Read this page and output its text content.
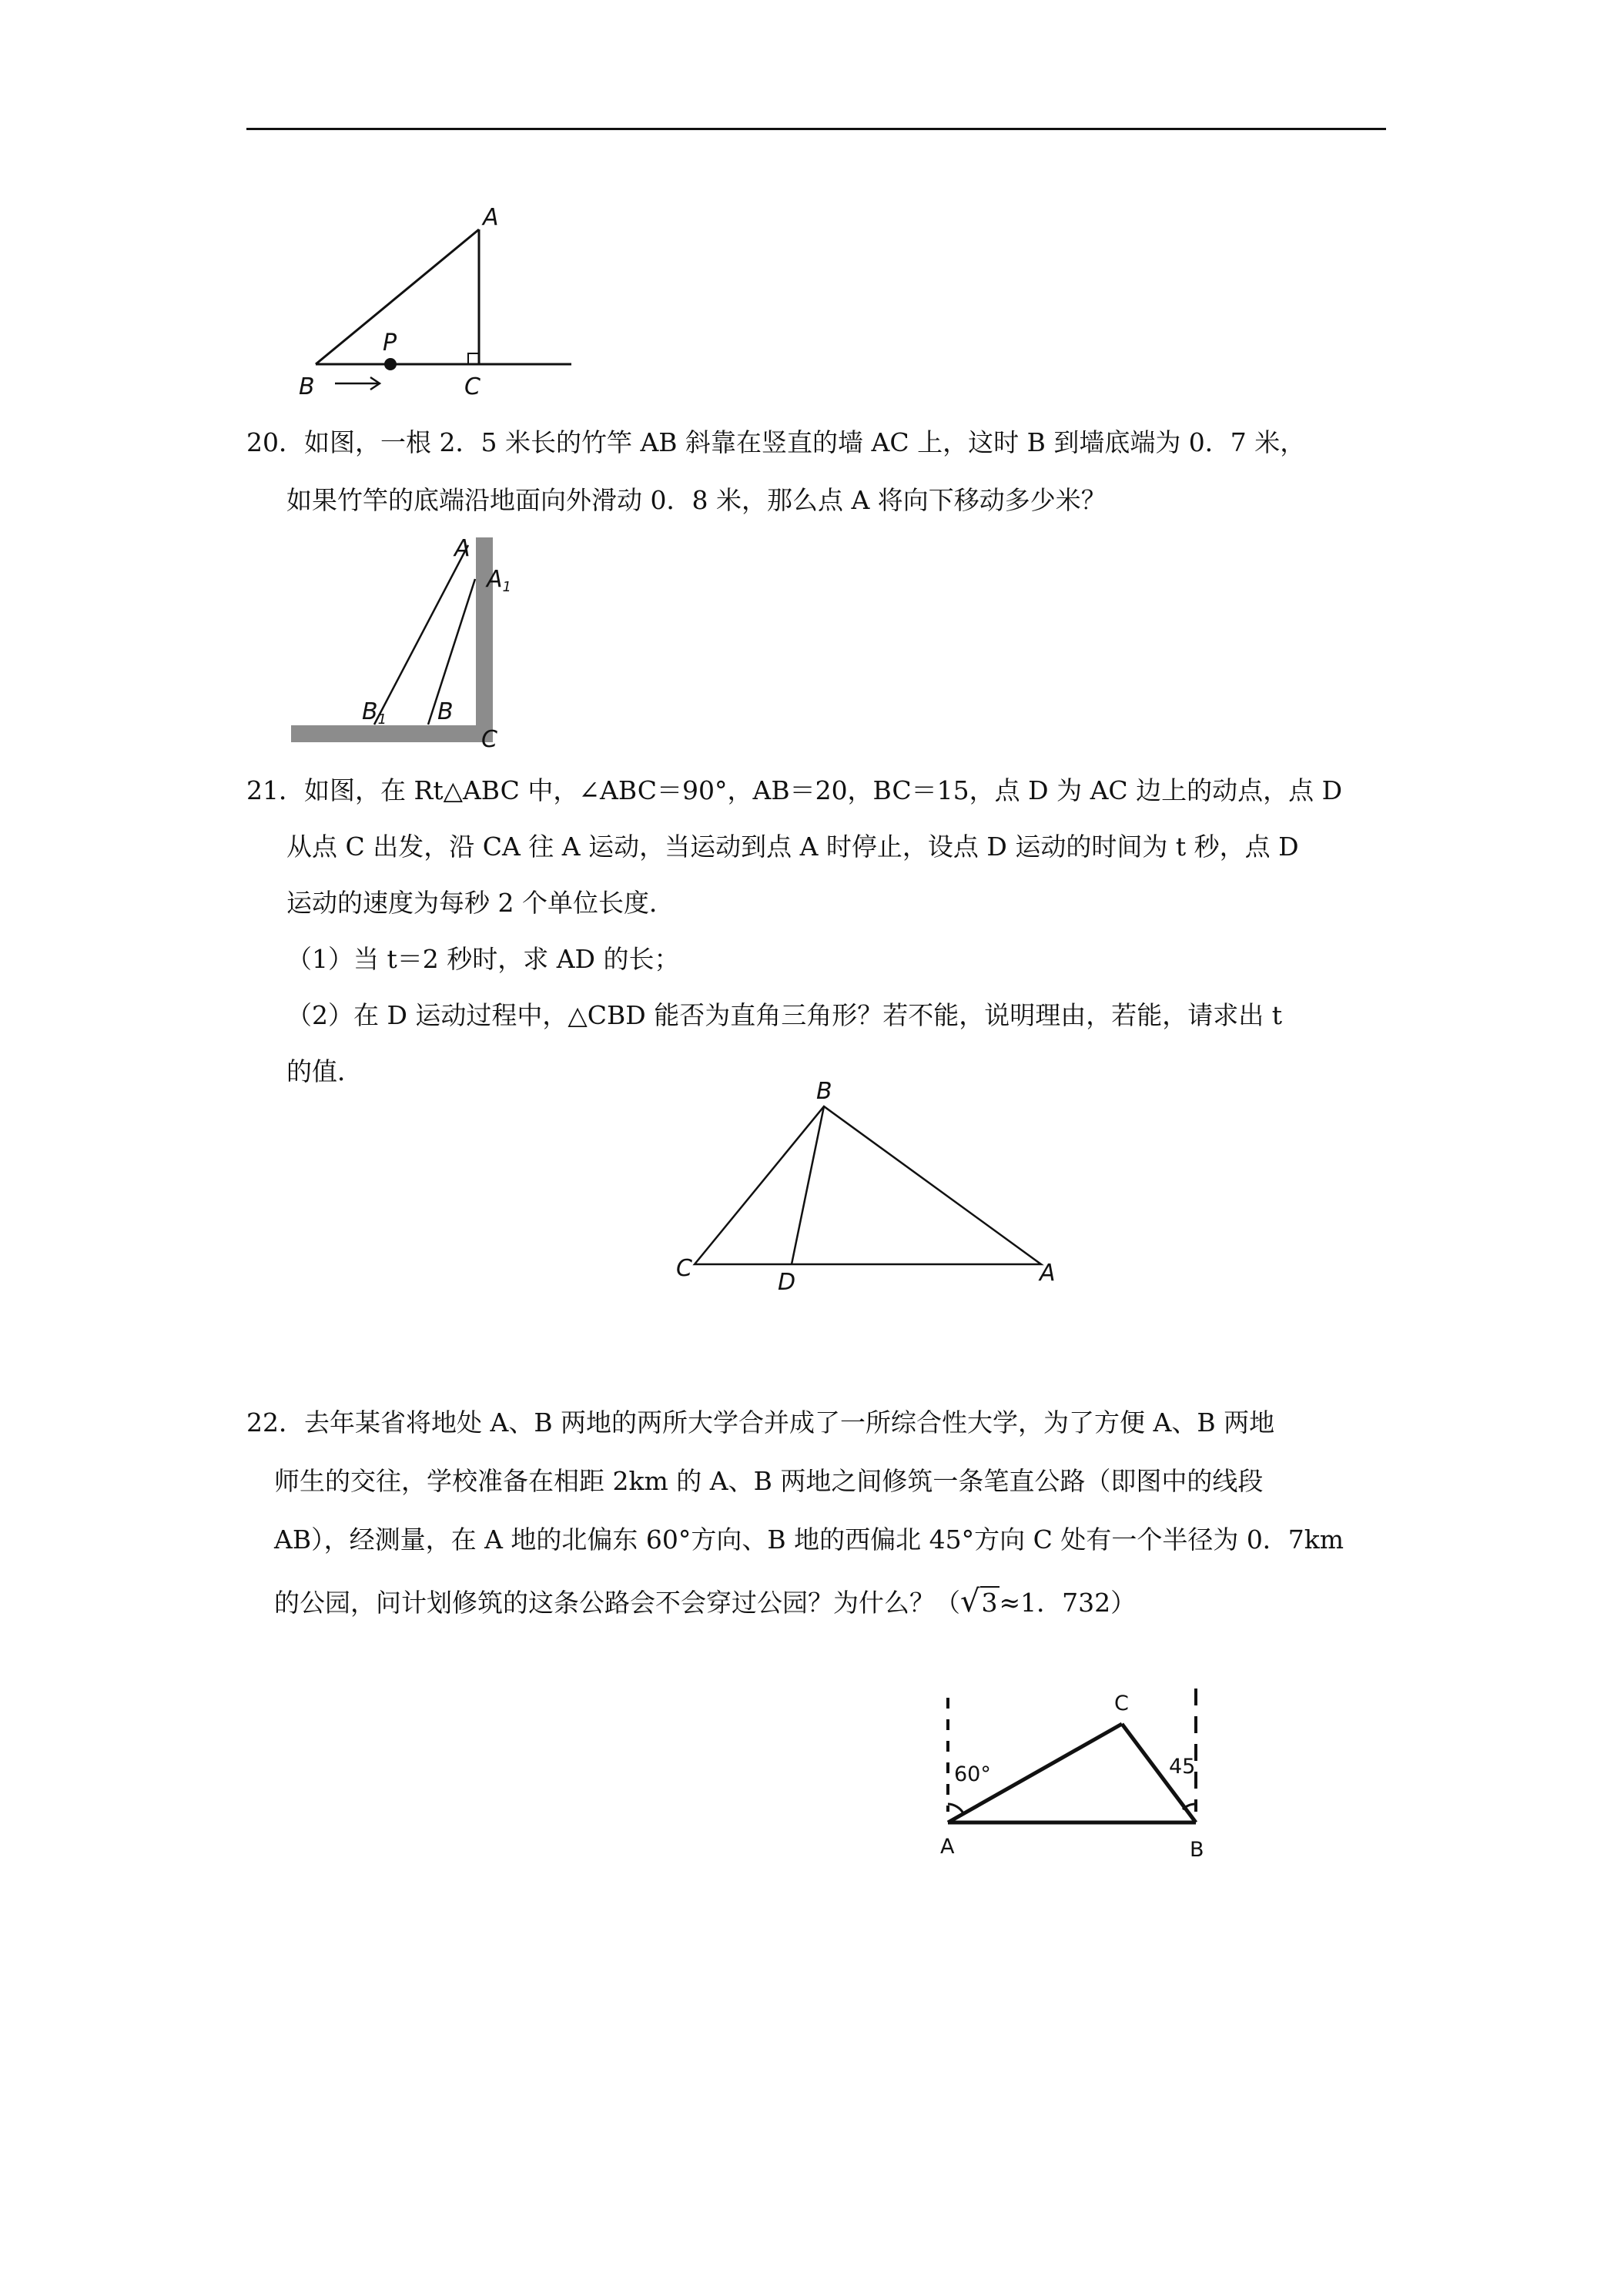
A
B	C
P
20．如图，一根 2．5 米长的竹竿 AB 斜靠在竖直的墙 AC 上，这时 B 到墙底端为 0．7 米，
如果竹竿的底端沿地面向外滑动 0．8 米，那么点 A 将向下移动多少米？
A
$A_1$
$B_1$ B
C
21．如图，在 Rt△ABC 中，∠ABC＝90°，AB＝20，BC＝15，点 D 为 AC 边上的动点，点 D
从点 C 出发，沿 CA 往 A 运动，当运动到点 A 时停止，设点 D 运动的时间为 t 秒，点 D
运动的速度为每秒 2 个单位长度．
（1）当 t＝2 秒时，求 AD 的长；
（2）在 D 运动过程中，△CBD 能否为直角三角形？若不能，说明理由，若能，请求出 t
的值．
B
C
D	A
22．去年某省将地处 A、B 两地的两所大学合并成了一所综合性大学，为了方便 A、B 两地
师生的交往，学校准备在相距 2km 的 A、B 两地之间修筑一条笔直公路（即图中的线段
AB），经测量，在 A 地的北偏东 60°方向、B 地的西偏北 45°方向 C 处有一个半径为 0．7km
的公园，问计划修筑的这条公路会不会穿过公园？为什么？（√3≈1．732）
60°	45
C
A	B
